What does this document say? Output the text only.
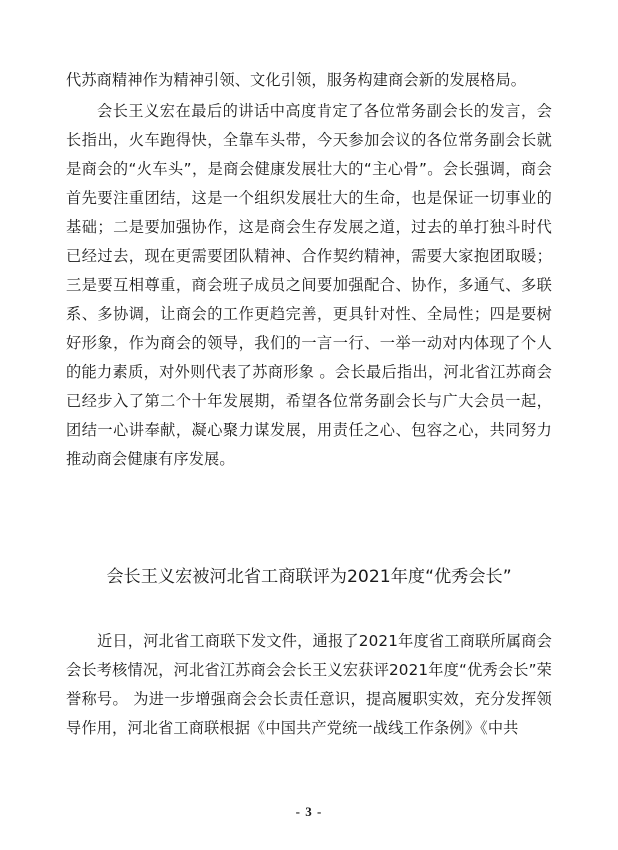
代苏商精神作为精神引领、文化引领，服务构建商会新的发展格局。

会长王义宏在最后的讲话中高度肯定了各位常务副会长的发言，会长指出，火车跑得快，全靠车头带，今天参加会议的各位常务副会长就是商会的“火车头”，是商会健康发展壮大的“主心骨”。会长强调，商会首先要注重团结，这是一个组织发展壮大的生命，也是保证一切事业的基础；二是要加强协作，这是商会生存发展之道，过去的单打独斗时代已经过去，现在更需要团队精神、合作契约精神，需要大家抱团取暖；三是要互相尊重，商会班子成员之间要加强配合、协作，多通气、多联系、多协调，让商会的工作更趋完善，更具针对性、全局性；四是要树好形象，作为商会的领导，我们的一言一行、一举一动对内体现了个人的能力素质，对外则代表了苏商形象 。会长最后指出，河北省江苏商会已经步入了第二个十年发展期，希望各位常务副会长与广大会员一起，团结一心讲奉献，凝心聚力谋发展，用责任之心、包容之心，共同努力推动商会健康有序发展。

会长王义宏被河北省工商联评为2021年度“优秀会长”

近日，河北省工商联下发文件，通报了2021年度省工商联所属商会会长考核情况，河北省江苏商会会长王义宏获评2021年度“优秀会长”荣誉称号。 为进一步增强商会会长责任意识，提高履职实效，充分发挥领导作用，河北省工商联根据《中国共产党统一战线工作条例》《中共

- 3 -
